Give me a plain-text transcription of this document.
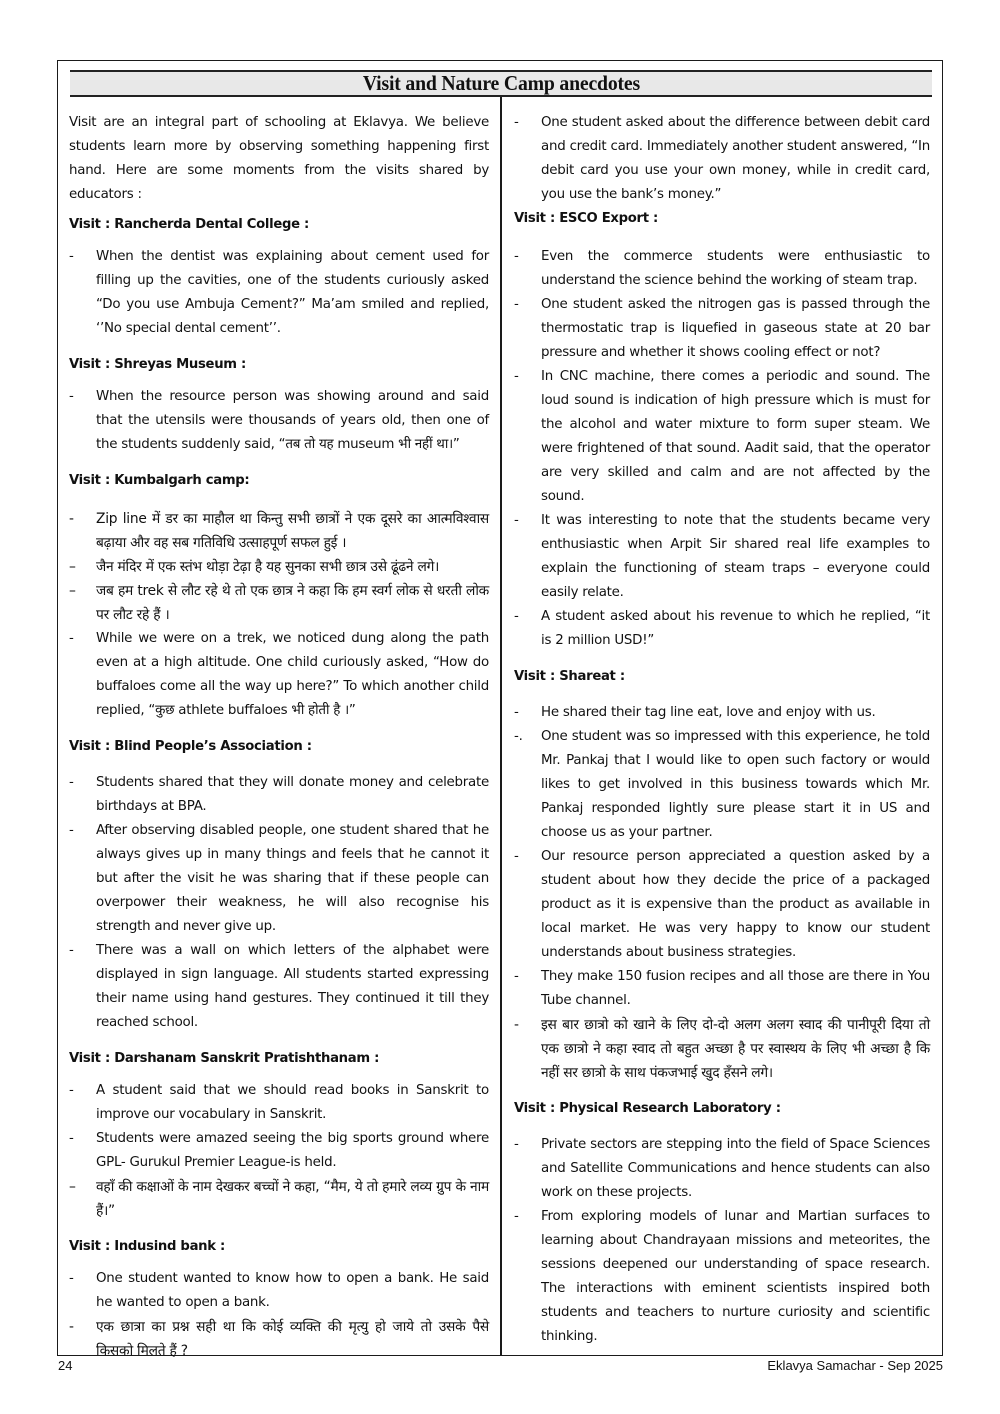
Visit and Nature Camp anecdotes

Visit are an integral part of schooling at Eklavya. We believe students learn more by observing something happening first hand. Here are some moments from the visits shared by educators :

Visit : Rancherda Dental College :

-	When the dentist was explaining about cement used for filling up the cavities, one of the students curiously asked “Do you use Ambuja Cement?” Ma’am smiled and replied, ‘’No special dental cement’’.

Visit : Shreyas Museum :

-	When the resource person was showing around and said that the utensils were thousands of years old, then one of the students suddenly said, “तब तो यह museum भी नहीं था।”

Visit : Kumbalgarh camp:

-	Zip line में डर का माहौल था किन्तु सभी छात्रों ने एक दूसरे का आत्मविश्वास बढ़ाया और वह सब गतिविधि उत्साहपूर्ण सफल हुई ।

–	जैन मंदिर में एक स्तंभ थोड़ा टेढ़ा है यह सुनका सभी छात्र उसे ढूंढने लगे।

–	जब हम trek से लौट रहे थे तो एक छात्र ने कहा कि हम स्वर्ग लोक से धरती लोक पर लौट रहे हैं ।

-	While we were on a trek, we noticed dung along the path even at a high altitude. One child curiously asked, “How do buffaloes come all the way up here?” To which another child replied, “कुछ athlete buffaloes भी होती है ।”

Visit : Blind People’s Association :

-	Students shared that they will donate money and celebrate birthdays at BPA.

-	After observing disabled people, one student shared that he always gives up in many things and feels that he cannot it but after the visit he was sharing that if these people can overpower their weakness, he will also recognise his strength and never give up.

-	There was a wall on which letters of the alphabet were displayed in sign language. All students started expressing their name using hand gestures. They continued it till they reached school.

Visit : Darshanam Sanskrit Pratishthanam :

-	A student said that we should read books in Sanskrit to improve our vocabulary in Sanskrit.

-	Students were amazed seeing the big sports ground where GPL- Gurukul Premier League-is held.

–	वहाँ की कक्षाओं के नाम देखकर बच्चों ने कहा, “मैम, ये तो हमारे लव्य ग्रुप के नाम हैं।”

Visit : Indusind bank :

-	One student wanted to know how to open a bank. He said he wanted to open a bank.

-	एक छात्रा का प्रश्न सही था कि कोई व्यक्ति की मृत्यु हो जाये तो उसके पैसे किसको मिलते हैं ?

-	One student asked about the difference between debit card and credit card. Immediately another student answered, “In debit card you use your own money, while in credit card, you use the bank’s money.”

Visit : ESCO Export :

-	Even the commerce students were enthusiastic to understand the science behind the working of steam trap.

-	One student asked the nitrogen gas is passed through the thermostatic trap is liquefied in gaseous state at 20 bar pressure and whether it shows cooling effect or not?

-	In CNC machine, there comes a periodic and sound. The loud sound is indication of high pressure which is must for the alcohol and water mixture to form super steam. We were frightened of that sound. Aadit said, that the operator are very skilled and calm and are not affected by the sound.

-	It was interesting to note that the students became very enthusiastic when Arpit Sir shared real life examples to explain the functioning of steam traps – everyone could easily relate.

-	A student asked about his revenue to which he replied, “it is 2 million USD!”

Visit : Shareat :

-	He shared their tag line eat, love and enjoy with us.

-.	One student was so impressed with this experience, he told Mr. Pankaj that I would like to open such factory or would likes to get involved in this business towards which Mr. Pankaj responded lightly sure please start it in US and choose us as your partner.

-	Our resource person appreciated a question asked by a student about how they decide the price of a packaged product as it is expensive than the product as available in local market. He was very happy to know our student understands about business strategies.

-	They make 150 fusion recipes and all those are there in You Tube channel.

-	इस बार छात्रो को खाने के लिए दो-दो अलग अलग स्वाद की पानीपूरी दिया तो एक छात्रो ने कहा स्वाद तो बहुत अच्छा है पर स्वास्थय के लिए भी अच्छा है कि नहीं सर छात्रो के साथ पंकजभाई खुद हँसने लगे।

Visit : Physical Research Laboratory :

-	Private sectors are stepping into the field of Space Sciences and Satellite Communications and hence students can also work on these projects.

-	From exploring models of lunar and Martian surfaces to learning about Chandrayaan missions and meteorites, the sessions deepened our understanding of space research. The interactions with eminent scientists inspired both students and teachers to nurture curiosity and scientific thinking.

24	Eklavya Samachar - Sep 2025
